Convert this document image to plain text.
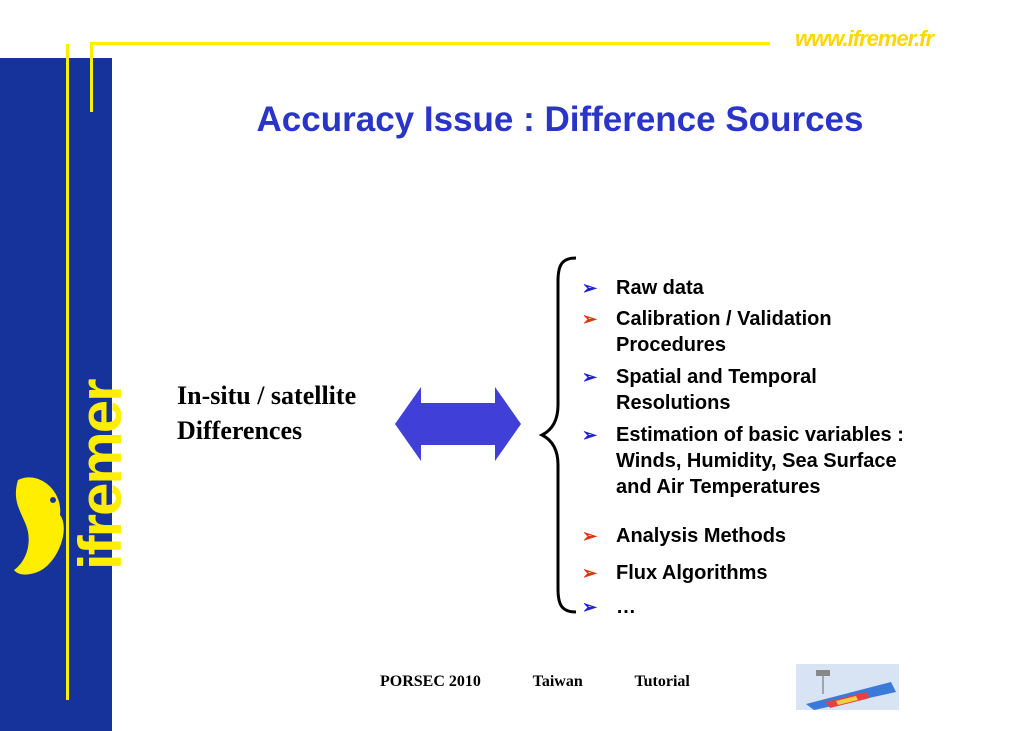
www.ifremer.fr
ifremer
Accuracy Issue : Difference Sources
In-situ / satellite
Differences
➢ Raw data
➢ Calibration / Validation
Procedures
➢ Spatial and Temporal
Resolutions
➢ Estimation of basic variables :
Winds, Humidity, Sea Surface
and Air Temperatures
➢ Analysis Methods
➢ Flux Algorithms
➢ …
PORSEC 2010	Taiwan	Tutorial
